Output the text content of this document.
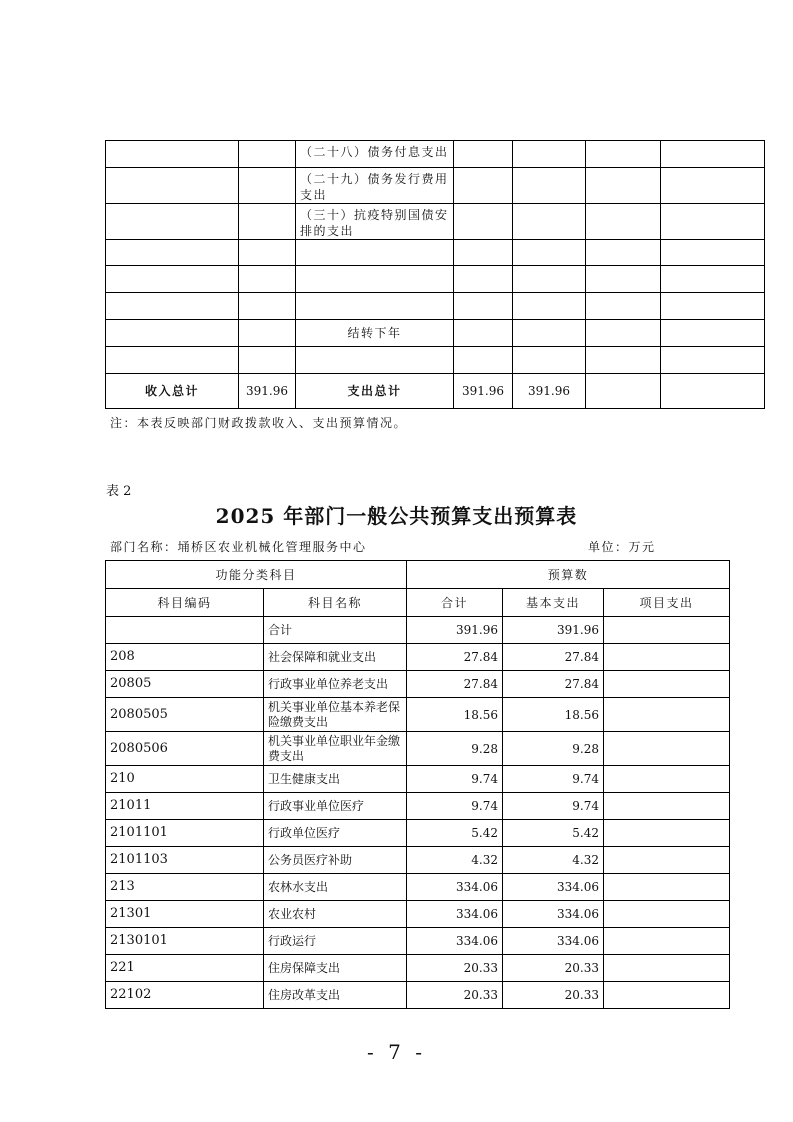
		（二十八）债务付息支出				
		（二十九）债务发行费用支出				
		（三十）抗疫特别国债安排的支出				

		结转下年				

收入总计	391.96	支出总计	391.96	391.96		
注：本表反映部门财政拨款收入、支出预算情况。
表 2
2025 年部门一般公共预算支出预算表
部门名称：埇桥区农业机械化管理服务中心	单位：万元
功能分类科目		预算数		
科目编码	科目名称	合计	基本支出	项目支出
	合计	391.96	391.96	
208	社会保障和就业支出	27.84	27.84	
20805	行政事业单位养老支出	27.84	27.84	
2080505	机关事业单位基本养老保险缴费支出	18.56	18.56	
2080506	机关事业单位职业年金缴费支出	9.28	9.28	
210	卫生健康支出	9.74	9.74	
21011	行政事业单位医疗	9.74	9.74	
2101101	行政单位医疗	5.42	5.42	
2101103	公务员医疗补助	4.32	4.32	
213	农林水支出	334.06	334.06	
21301	农业农村	334.06	334.06	
2130101	行政运行	334.06	334.06	
221	住房保障支出	20.33	20.33	
22102	住房改革支出	20.33	20.33	
- 7 -
